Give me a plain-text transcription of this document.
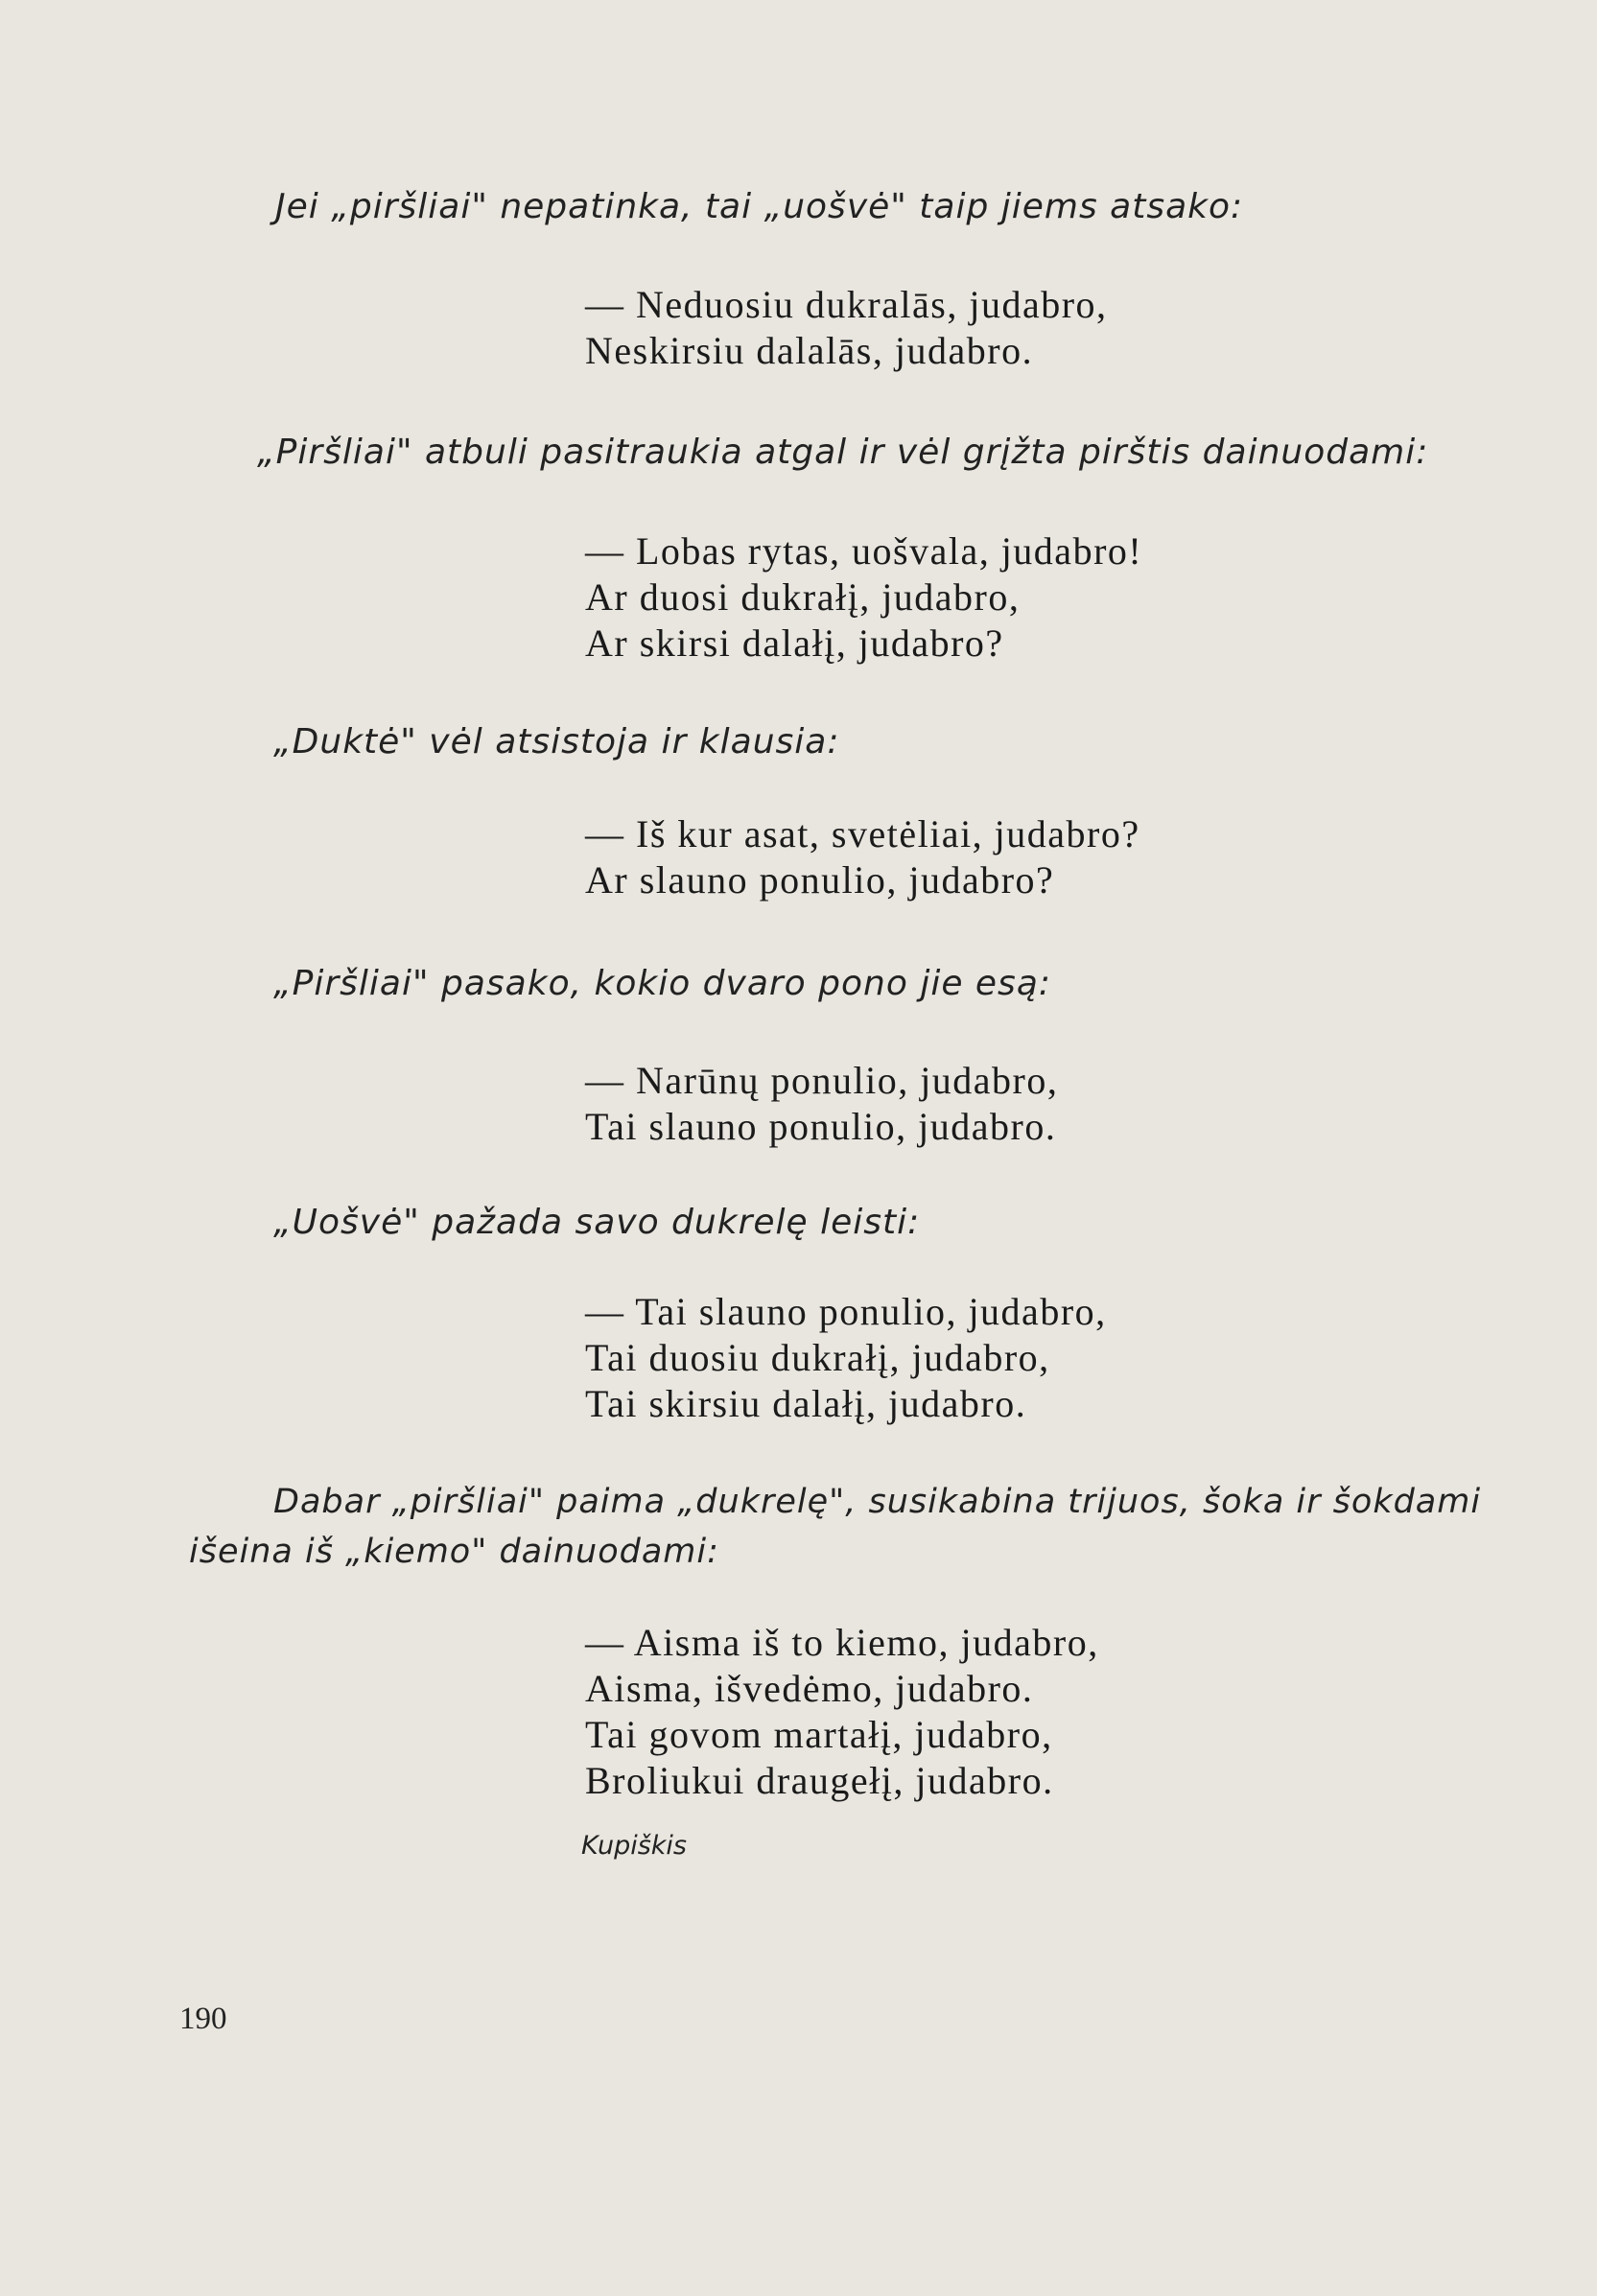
Jei „piršliai" nepatinka, tai „uošvė" taip jiems atsako:

— Neduosiu dukralās, judabro,
Neskirsiu dalalās, judabro.

„Piršliai" atbuli pasitraukia atgal ir vėl grįžta pirštis dainuodami:

— Lobas rytas, uošvala, judabro!
Ar duosi dukrałį, judabro,
Ar skirsi dalałį, judabro?

„Duktė" vėl atsistoja ir klausia:

— Iš kur asat, svetėliai, judabro?
Ar slauno ponulio, judabro?

„Piršliai" pasako, kokio dvaro pono jie esą:

— Narūnų ponulio, judabro,
Tai slauno ponulio, judabro.

„Uošvė" pažada savo dukrelę leisti:

— Tai slauno ponulio, judabro,
Tai duosiu dukrałį, judabro,
Tai skirsiu dalałį, judabro.

Dabar „piršliai" paima „dukrelę", susikabina trijuos, šoka ir šokdami

išeina iš „kiemo" dainuodami:

— Aisma iš to kiemo, judabro,
Aisma, išvedėmo, judabro.
Tai govom martałį, judabro,
Broliukui draugełį, judabro.

Kupiškis

190
